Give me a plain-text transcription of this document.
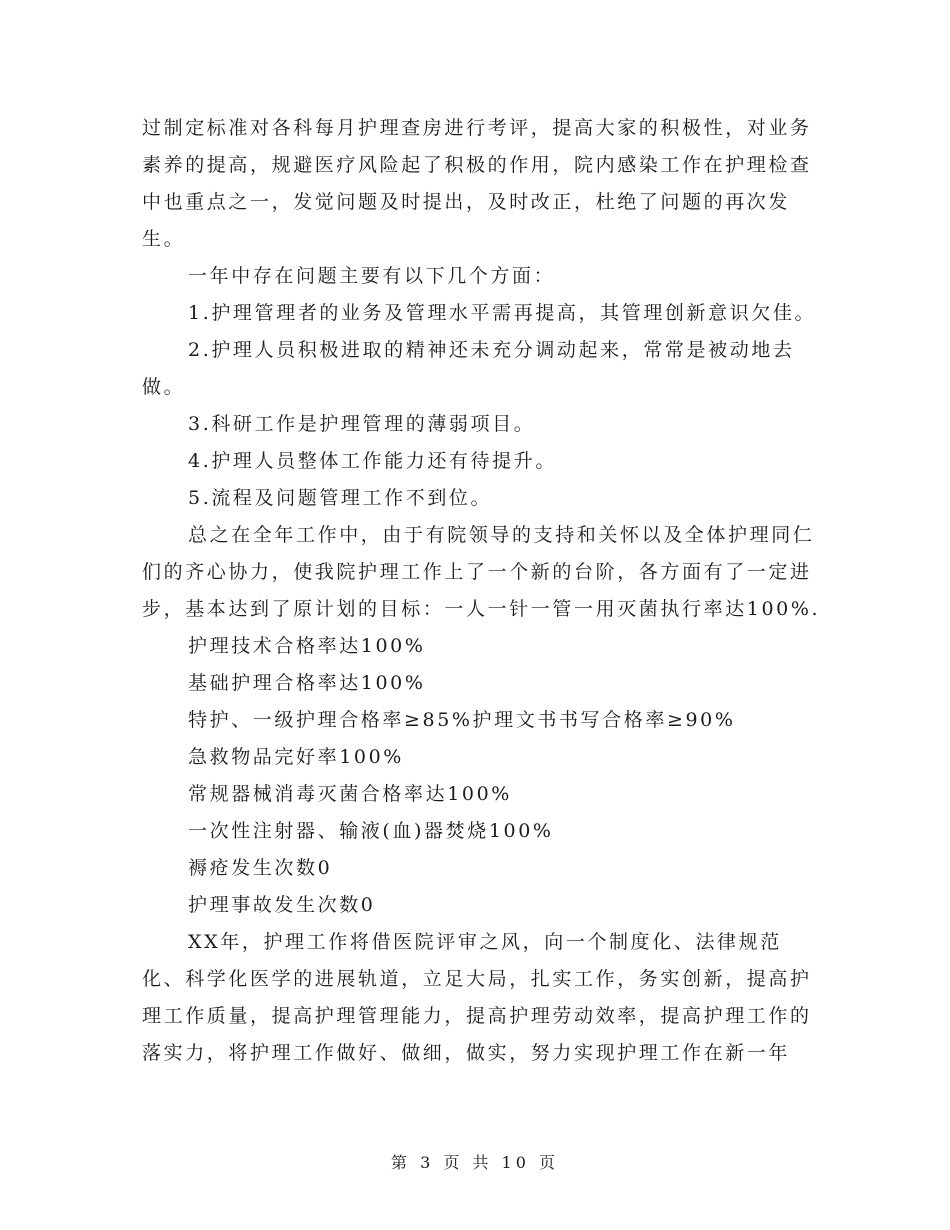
过制定标准对各科每月护理查房进行考评，提高大家的积极性，对业务素养的提高，规避医疗风险起了积极的作用，院内感染工作在护理检查中也重点之一，发觉问题及时提出，及时改正，杜绝了问题的再次发生。

一年中存在问题主要有以下几个方面：

1.护理管理者的业务及管理水平需再提高，其管理创新意识欠佳。

2.护理人员积极进取的精神还未充分调动起来，常常是被动地去做。

3.科研工作是护理管理的薄弱项目。

4.护理人员整体工作能力还有待提升。

5.流程及问题管理工作不到位。

总之在全年工作中，由于有院领导的支持和关怀以及全体护理同仁们的齐心协力，使我院护理工作上了一个新的台阶，各方面有了一定进步，基本达到了原计划的目标：一人一针一管一用灭菌执行率达100%.

护理技术合格率达100%

基础护理合格率达100%

特护、一级护理合格率≥85%护理文书书写合格率≥90%

急救物品完好率100%

常规器械消毒灭菌合格率达100%

一次性注射器、输液(血)器焚烧100%

褥疮发生次数0

护理事故发生次数0

XX年，护理工作将借医院评审之风，向一个制度化、法律规范化、科学化医学的进展轨道，立足大局，扎实工作，务实创新，提高护理工作质量，提高护理管理能力，提高护理劳动效率，提高护理工作的落实力，将护理工作做好、做细，做实，努力实现护理工作在新一年

第 3 页 共 10 页
